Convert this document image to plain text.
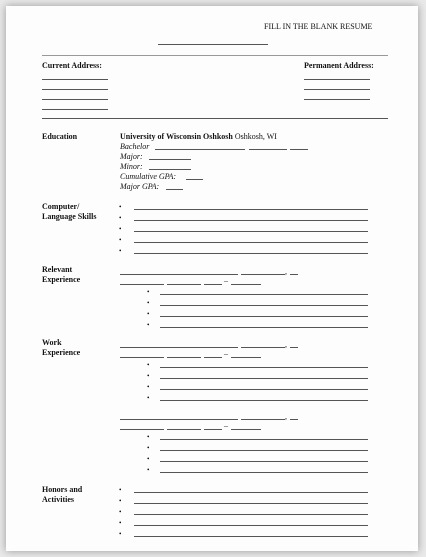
FILL IN THE BLANK RESUME
Current Address:	Permanent Address:
Education	University of Wisconsin Oshkosh Oshkosh, WI
Bachelor
Major:
Minor:
Cumulative GPA:
Major GPA:
Computer/
Language Skills
•
•
•
•
•
Relevant
Experience
,
–
•
•
•
•
Work
Experience
,
–
•
•
•
•
,
–
•
•
•
•
Honors and
Activities
•
•
•
•
•
